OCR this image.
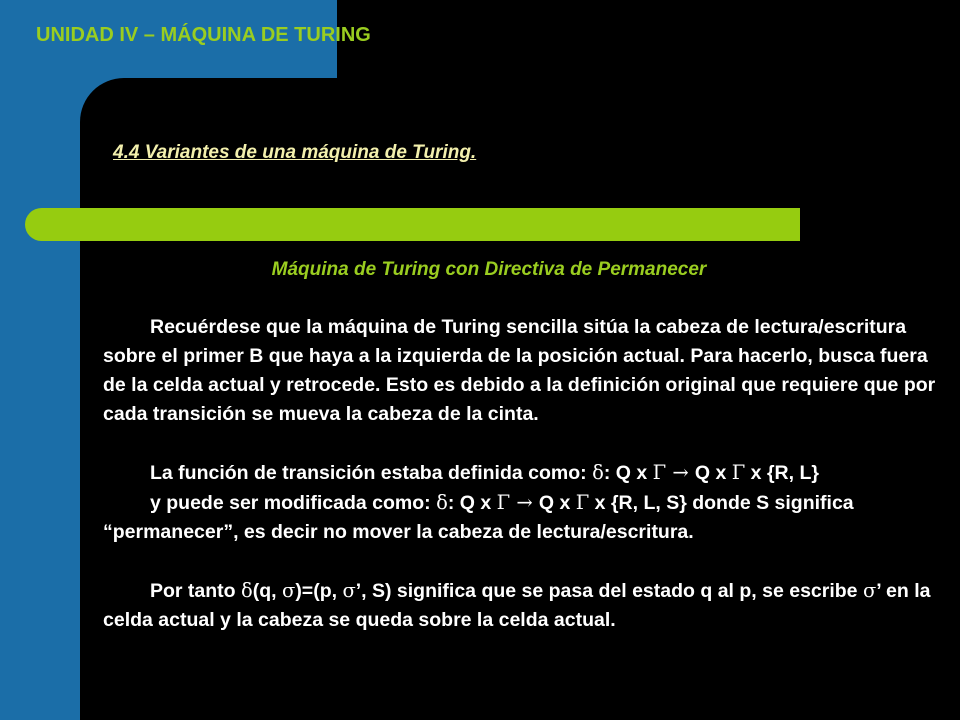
UNIDAD IV – MÁQUINA DE TURING
4.4 Variantes de una máquina de Turing.
Máquina de Turing con Directiva de Permanecer

Recuérdese que la máquina de Turing sencilla sitúa la cabeza de lectura/escritura sobre el primer B que haya a la izquierda de la posición actual. Para hacerlo, busca fuera de la celda actual y retrocede. Esto es debido a la definición original que requiere que por cada transición se mueva la cabeza de la cinta.

La función de transición estaba definida como: δ: Q x Γ → Q x Γ x {R, L}

y puede ser modificada como: δ: Q x Γ → Q x Γ x {R, L, S} donde S significa “permanecer”, es decir no mover la cabeza de lectura/escritura.

Por tanto δ(q, σ)=(p, σ’, S) significa que se pasa del estado q al p, se escribe σ’ en la celda actual y la cabeza se queda sobre la celda actual.
